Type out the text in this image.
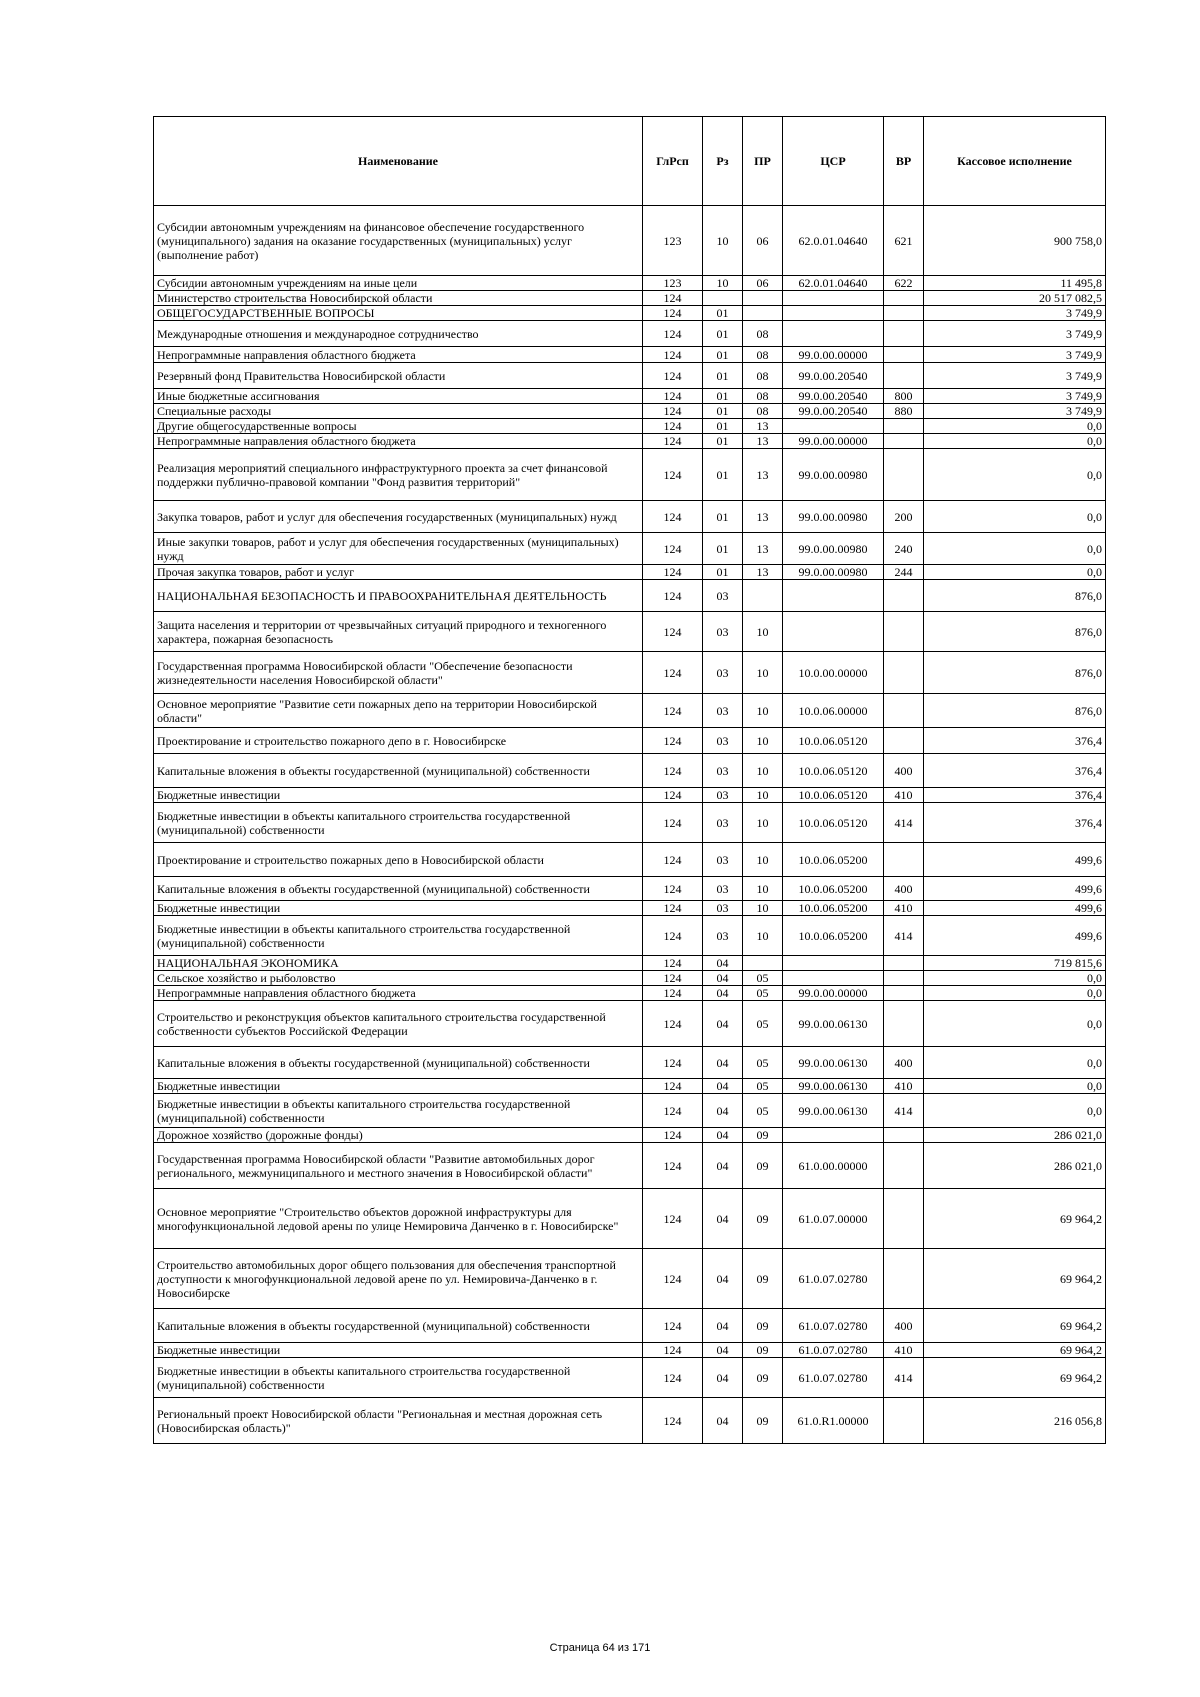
Наименование	ГлРсп	Рз	ПР	ЦСР	ВР	Кассовое исполнение
Субсидии автономным учреждениям на финансовое обеспечение государственного (муниципального) задания на оказание государственных (муниципальных) услуг (выполнение работ)	123	10	06	62.0.01.04640	621	900 758,0
Субсидии автономным учреждениям на иные цели	123	10	06	62.0.01.04640	622	11 495,8
Министерство строительства Новосибирской области	124					20 517 082,5
ОБЩЕГОСУДАРСТВЕННЫЕ ВОПРОСЫ	124	01				3 749,9
Международные отношения и международное сотрудничество	124	01	08			3 749,9
Непрограммные направления областного бюджета	124	01	08	99.0.00.00000		3 749,9
Резервный фонд Правительства Новосибирской области	124	01	08	99.0.00.20540		3 749,9
Иные бюджетные ассигнования	124	01	08	99.0.00.20540	800	3 749,9
Специальные расходы	124	01	08	99.0.00.20540	880	3 749,9
Другие общегосударственные вопросы	124	01	13			0,0
Непрограммные направления областного бюджета	124	01	13	99.0.00.00000		0,0
Реализация мероприятий специального инфраструктурного проекта за счет финансовой поддержки публично-правовой компании "Фонд развития территорий"	124	01	13	99.0.00.00980		0,0
Закупка товаров, работ и услуг для обеспечения государственных (муниципальных) нужд	124	01	13	99.0.00.00980	200	0,0
Иные закупки товаров, работ и услуг для обеспечения государственных (муниципальных) нужд	124	01	13	99.0.00.00980	240	0,0
Прочая закупка товаров, работ и услуг	124	01	13	99.0.00.00980	244	0,0
НАЦИОНАЛЬНАЯ БЕЗОПАСНОСТЬ И ПРАВООХРАНИТЕЛЬНАЯ ДЕЯТЕЛЬНОСТЬ	124	03				876,0
Защита населения и территории от чрезвычайных ситуаций природного и техногенного характера, пожарная безопасность	124	03	10			876,0
Государственная программа Новосибирской области "Обеспечение безопасности жизнедеятельности населения Новосибирской области"	124	03	10	10.0.00.00000		876,0
Основное мероприятие "Развитие сети пожарных депо на территории Новосибирской области"	124	03	10	10.0.06.00000		876,0
Проектирование и строительство пожарного депо в г. Новосибирске	124	03	10	10.0.06.05120		376,4
Капитальные вложения в объекты государственной (муниципальной) собственности	124	03	10	10.0.06.05120	400	376,4
Бюджетные инвестиции	124	03	10	10.0.06.05120	410	376,4
Бюджетные инвестиции в объекты капитального строительства государственной (муниципальной) собственности	124	03	10	10.0.06.05120	414	376,4
Проектирование и строительство пожарных депо в Новосибирской области	124	03	10	10.0.06.05200		499,6
Капитальные вложения в объекты государственной (муниципальной) собственности	124	03	10	10.0.06.05200	400	499,6
Бюджетные инвестиции	124	03	10	10.0.06.05200	410	499,6
Бюджетные инвестиции в объекты капитального строительства государственной (муниципальной) собственности	124	03	10	10.0.06.05200	414	499,6
НАЦИОНАЛЬНАЯ ЭКОНОМИКА	124	04				719 815,6
Сельское хозяйство и рыболовство	124	04	05			0,0
Непрограммные направления областного бюджета	124	04	05	99.0.00.00000		0,0
Строительство и реконструкция объектов капитального строительства государственной собственности субъектов Российской Федерации	124	04	05	99.0.00.06130		0,0
Капитальные вложения в объекты государственной (муниципальной) собственности	124	04	05	99.0.00.06130	400	0,0
Бюджетные инвестиции	124	04	05	99.0.00.06130	410	0,0
Бюджетные инвестиции в объекты капитального строительства государственной (муниципальной) собственности	124	04	05	99.0.00.06130	414	0,0
Дорожное хозяйство (дорожные фонды)	124	04	09			286 021,0
Государственная программа Новосибирской области "Развитие автомобильных дорог регионального, межмуниципального и местного значения в Новосибирской области"	124	04	09	61.0.00.00000		286 021,0
Основное мероприятие "Строительство объектов дорожной инфраструктуры для многофункциональной ледовой арены по улице Немировича Данченко в г. Новосибирске"	124	04	09	61.0.07.00000		69 964,2
Строительство автомобильных дорог общего пользования для обеспечения транспортной доступности к многофункциональной ледовой арене по ул. Немировича-Данченко в г. Новосибирске	124	04	09	61.0.07.02780		69 964,2
Капитальные вложения в объекты государственной (муниципальной) собственности	124	04	09	61.0.07.02780	400	69 964,2
Бюджетные инвестиции	124	04	09	61.0.07.02780	410	69 964,2
Бюджетные инвестиции в объекты капитального строительства государственной (муниципальной) собственности	124	04	09	61.0.07.02780	414	69 964,2
Региональный проект Новосибирской области "Региональная и местная дорожная сеть (Новосибирская область)"	124	04	09	61.0.R1.00000		216 056,8
Страница 64 из 171
